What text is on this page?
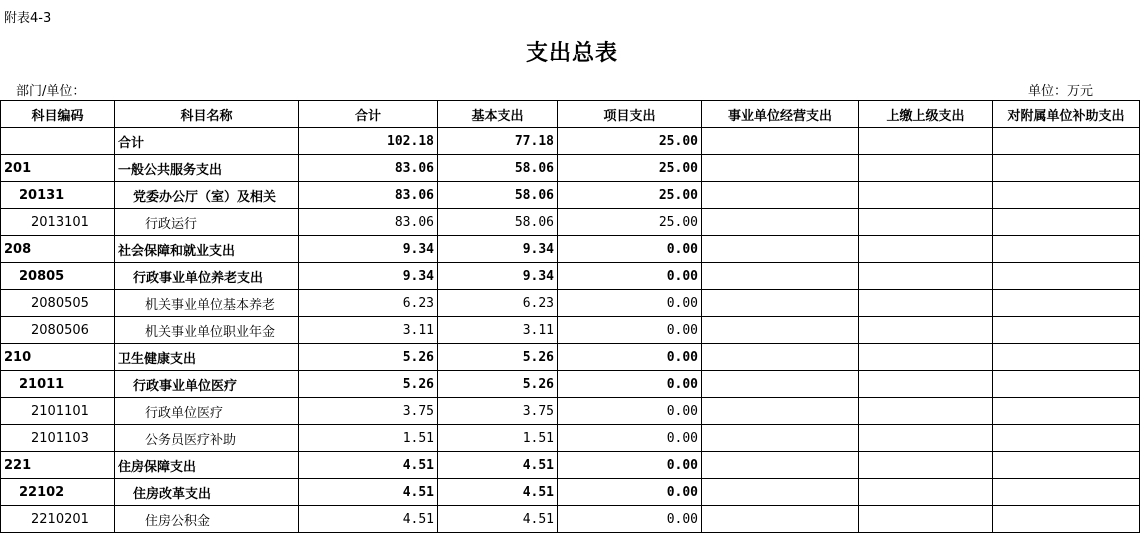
附表4-3
支出总表
部门/单位：	单位：万元
科目编码	科目名称	合计	基本支出	项目支出	事业单位经营支出	上缴上级支出	对附属单位补助支出
	合计	102.18	77.18	25.00			
201	一般公共服务支出	83.06	58.06	25.00			
20131	党委办公厅（室）及相关	83.06	58.06	25.00			
2013101	行政运行	83.06	58.06	25.00			
208	社会保障和就业支出	9.34	9.34	0.00			
20805	行政事业单位养老支出	9.34	9.34	0.00			
2080505	机关事业单位基本养老	6.23	6.23	0.00			
2080506	机关事业单位职业年金	3.11	3.11	0.00			
210	卫生健康支出	5.26	5.26	0.00			
21011	行政事业单位医疗	5.26	5.26	0.00			
2101101	行政单位医疗	3.75	3.75	0.00			
2101103	公务员医疗补助	1.51	1.51	0.00			
221	住房保障支出	4.51	4.51	0.00			
22102	住房改革支出	4.51	4.51	0.00			
2210201	住房公积金	4.51	4.51	0.00			
